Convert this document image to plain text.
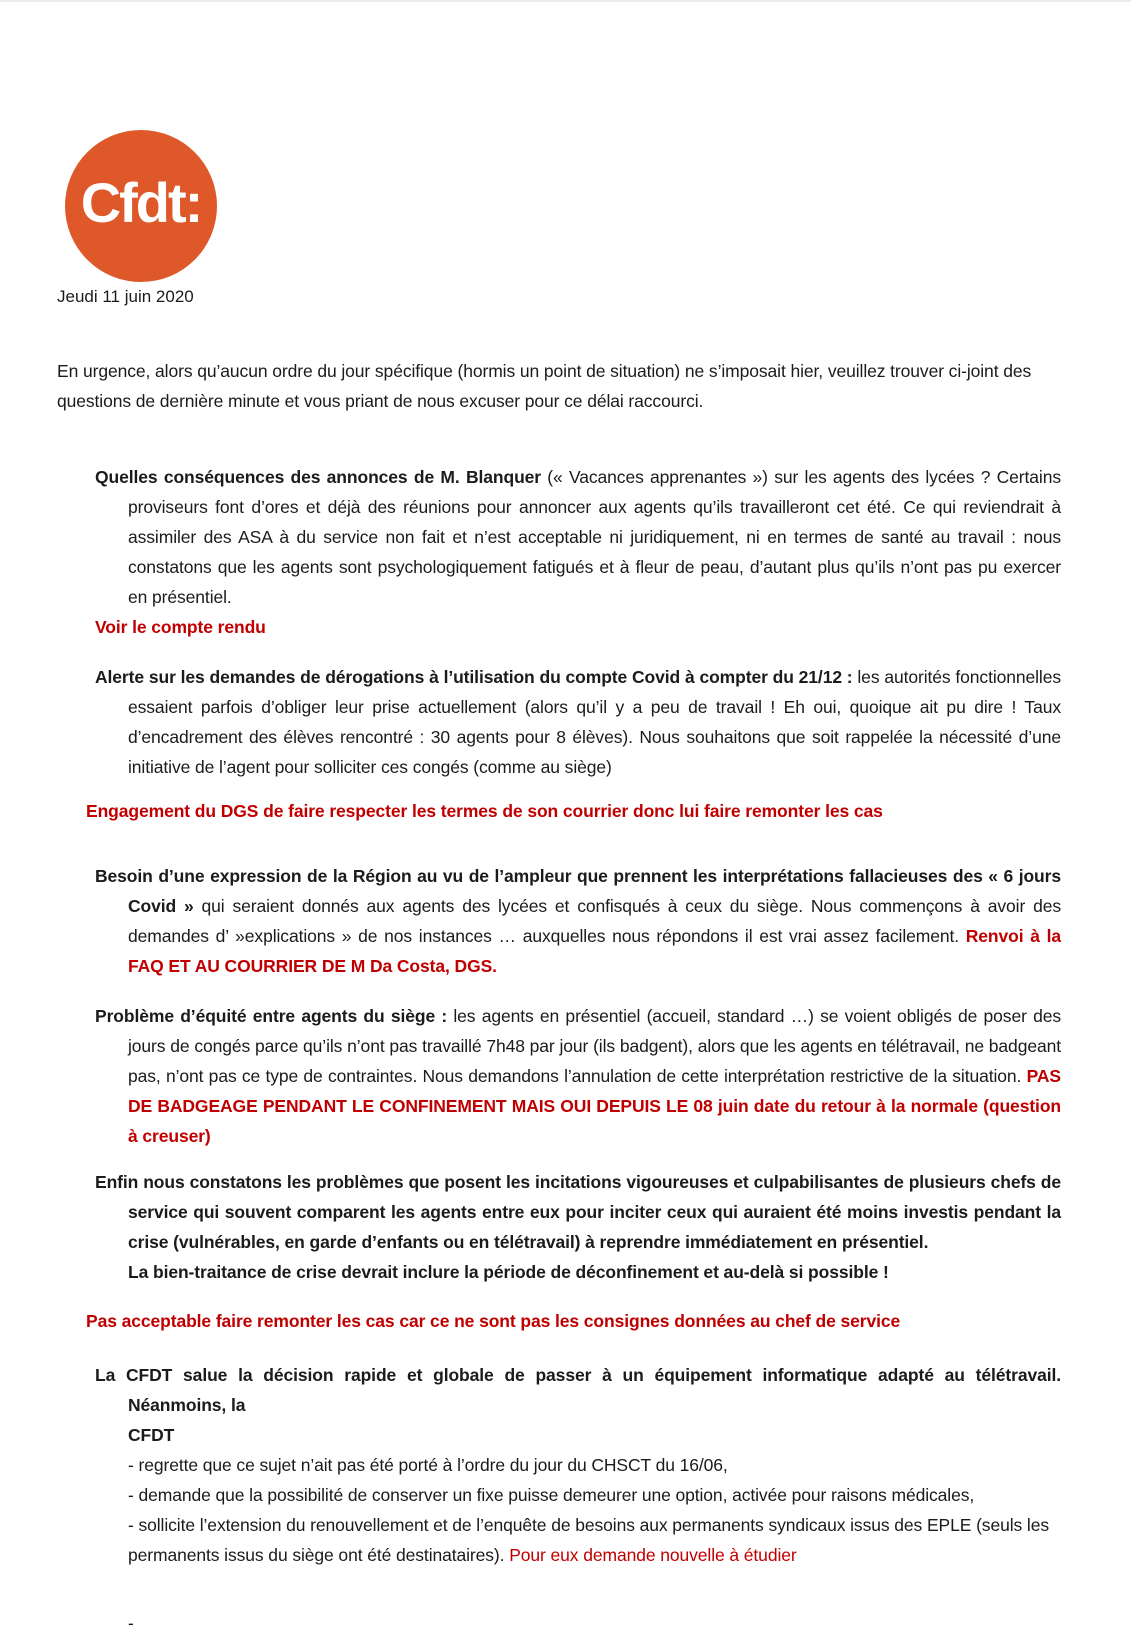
Cfdt:
Jeudi 11 juin 2020

En urgence, alors qu’aucun ordre du jour spécifique (hormis un point de situation) ne s’imposait hier, veuillez trouver ci-joint des questions de dernière minute et vous priant de nous excuser pour ce délai raccourci.

Quelles conséquences des annonces de M. Blanquer (« Vacances apprenantes ») sur les agents des lycées ? Certains proviseurs font d’ores et déjà des réunions pour annoncer aux agents qu’ils travailleront cet été. Ce qui reviendrait à assimiler des ASA à du service non fait et n’est acceptable ni juridiquement, ni en termes de santé au travail : nous constatons que les agents sont psychologiquement fatigués et à fleur de peau, d’autant plus qu’ils n’ont pas pu exercer en présentiel.

Voir le compte rendu

Alerte sur les demandes de dérogations à l’utilisation du compte Covid à compter du 21/12 : les autorités fonctionnelles essaient parfois d’obliger leur prise actuellement (alors qu’il y a peu de travail ! Eh oui, quoique ait pu dire ! Taux d’encadrement des élèves rencontré : 30 agents pour 8 élèves). Nous souhaitons que soit rappelée la nécessité d’une initiative de l’agent pour solliciter ces congés (comme au siège)

Engagement du DGS de faire respecter les termes de son courrier donc lui faire remonter les cas

Besoin d’une expression de la Région au vu de l’ampleur que prennent les interprétations fallacieuses des « 6 jours Covid » qui seraient donnés aux agents des lycées et confisqués à ceux du siège. Nous commençons à avoir des demandes d’ »explications » de nos instances … auxquelles nous répondons il est vrai assez facilement. Renvoi à la FAQ ET AU COURRIER DE M Da Costa, DGS.

Problème d’équité entre agents du siège : les agents en présentiel (accueil, standard …) se voient obligés de poser des jours de congés parce qu’ils n’ont pas travaillé 7h48 par jour (ils badgent), alors que les agents en télétravail, ne badgeant pas, n’ont pas ce type de contraintes. Nous demandons l’annulation de cette interprétation restrictive de la situation. PAS DE BADGEAGE PENDANT LE CONFINEMENT MAIS OUI DEPUIS LE 08 juin date du retour à la normale (question à creuser)

Enfin nous constatons les problèmes que posent les incitations vigoureuses et culpabilisantes de plusieurs chefs de service qui souvent comparent les agents entre eux pour inciter ceux qui auraient été moins investis pendant la crise (vulnérables, en garde d’enfants ou en télétravail) à reprendre immédiatement en présentiel.

La bien-traitance de crise devrait inclure la période de déconfinement et au-delà si possible !

Pas acceptable faire remonter les cas car ce ne sont pas les consignes données au chef de service

La CFDT salue la décision rapide et globale de passer à un équipement informatique adapté au télétravail. Néanmoins, la

CFDT

- regrette que ce sujet n’ait pas été porté à l’ordre du jour du CHSCT du 16/06,

- demande que la possibilité de conserver un fixe puisse demeurer une option, activée pour raisons médicales,

- sollicite l’extension du renouvellement et de l’enquête de besoins aux permanents syndicaux issus des EPLE (seuls les permanents issus du siège ont été destinataires). Pour eux demande nouvelle à étudier

-
